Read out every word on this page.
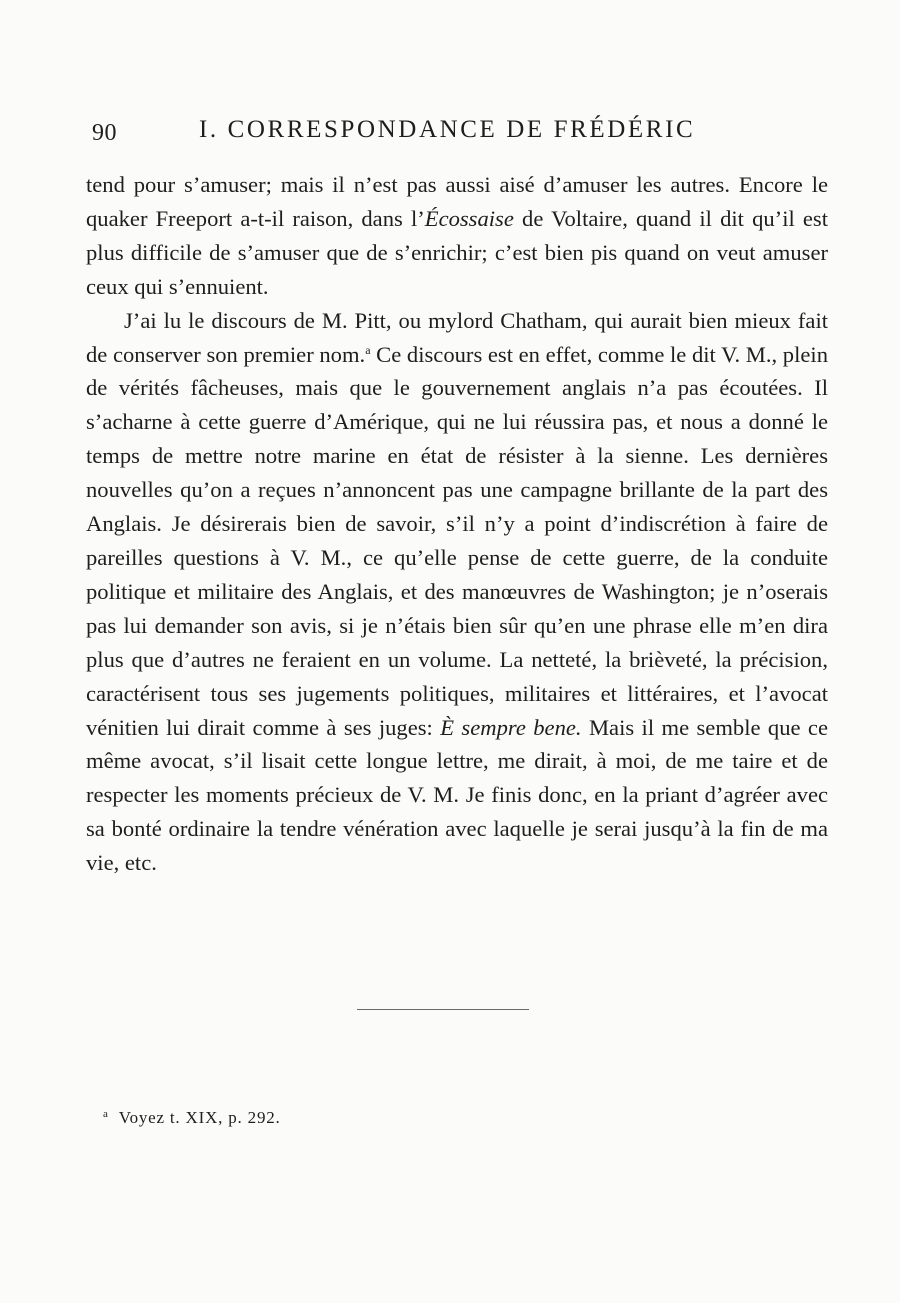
90	I. CORRESPONDANCE DE FRÉDÉRIC

tend pour s’amuser; mais il n’est pas aussi aisé d’amuser les autres. Encore le quaker Freeport a-t-il raison, dans l’Écossaise de Voltaire, quand il dit qu’il est plus difficile de s’amuser que de s’enrichir; c’est bien pis quand on veut amuser ceux qui s’ennuient.

J’ai lu le discours de M. Pitt, ou mylord Chatham, qui aurait bien mieux fait de conserver son premier nom.$^a$ Ce discours est en effet, comme le dit V. M., plein de vérités fâcheuses, mais que le gouvernement anglais n’a pas écoutées. Il s’acharne à cette guerre d’Amérique, qui ne lui réussira pas, et nous a donné le temps de mettre notre marine en état de résister à la sienne. Les dernières nouvelles qu’on a reçues n’annoncent pas une campagne brillante de la part des Anglais. Je désirerais bien de savoir, s’il n’y a point d’indiscrétion à faire de pareilles questions à V. M., ce qu’elle pense de cette guerre, de la conduite politique et militaire des Anglais, et des manœuvres de Washington; je n’oserais pas lui demander son avis, si je n’étais bien sûr qu’en une phrase elle m’en dira plus que d’autres ne feraient en un volume. La netteté, la brièveté, la précision, caractérisent tous ses jugements politiques, militaires et littéraires, et l’avocat vénitien lui dirait comme à ses juges: È sempre bene. Mais il me semble que ce même avocat, s’il lisait cette longue lettre, me dirait, à moi, de me taire et de respecter les moments précieux de V. M. Je finis donc, en la priant d’agréer avec sa bonté ordinaire la tendre vénération avec laquelle je serai jusqu’à la fin de ma vie, etc.

$^a$ Voyez t. XIX, p. 292.
